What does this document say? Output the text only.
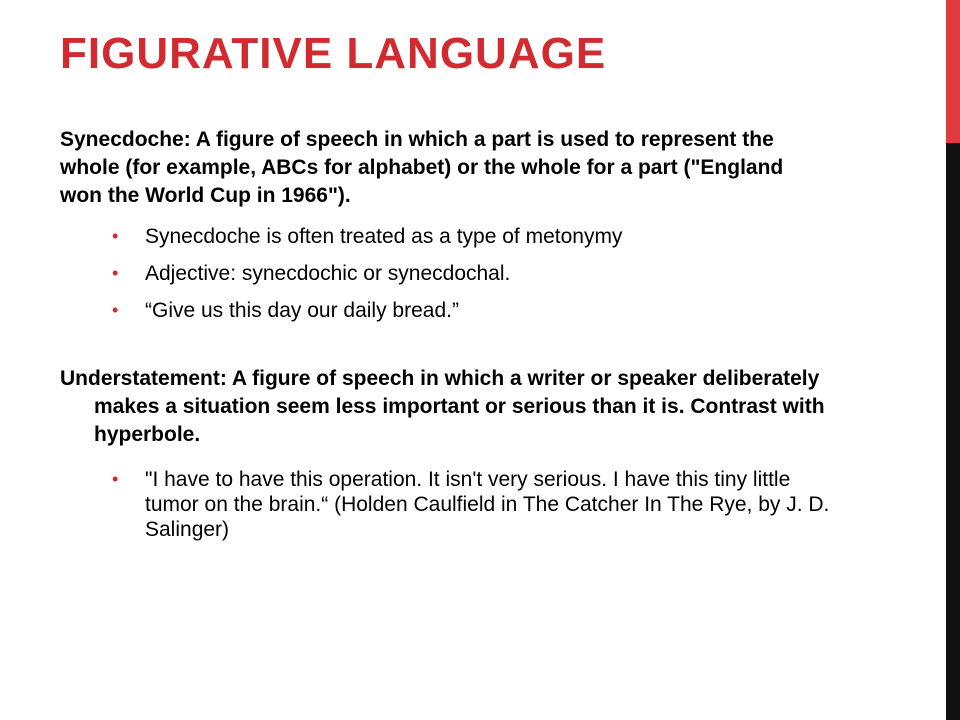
FIGURATIVE LANGUAGE

Synecdoche: A figure of speech in which a part is used to represent the whole (for example, ABCs for alphabet) or the whole for a part ("England won the World Cup in 1966").

• Synecdoche is often treated as a type of metonymy
• Adjective: synecdochic or synecdochal.
• “Give us this day our daily bread.”

Understatement: A figure of speech in which a writer or speaker deliberately makes a situation seem less important or serious than it is. Contrast with hyperbole.

• "I have to have this operation. It isn't very serious. I have this tiny little tumor on the brain.“ (Holden Caulfield in The Catcher In The Rye, by J. D. Salinger)
